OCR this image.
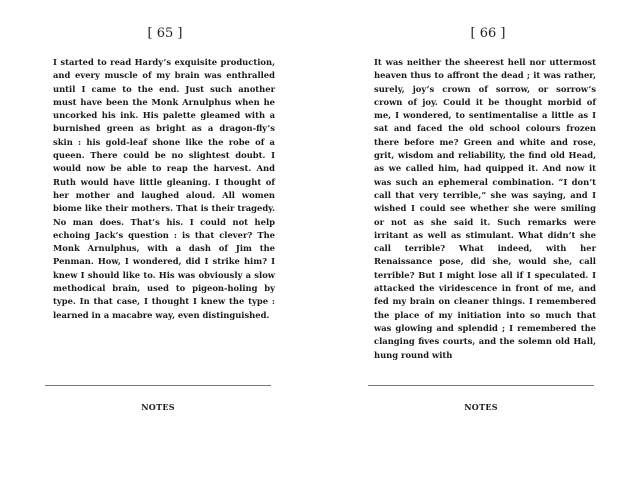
[ 65 ]

I started to read Hardy’s exquisite production, and every muscle of my brain was enthralled until I came to the end. Just such another must have been the Monk Arnulphus when he uncorked his ink. His palette gleamed with a burnished green as bright as a dragon-fly’s skin : his gold-leaf shone like the robe of a queen. There could be no slightest doubt. I would now be able to reap the harvest. And Ruth would have little gleaning. I thought of her mother and laughed aloud. All women biome like their mothers. That is their tragedy. No man does. That’s his. I could not help echoing Jack’s question : is that clever? The Monk Arnulphus, with a dash of Jim the Penman. How, I wondered, did I strike him? I knew I should like to. His was obviously a slow methodical brain, used to pigeon-holing by type. In that case, I thought I knew the type : learned in a macabre way, even distinguished.

NOTES
[ 66 ]

It was neither the sheerest hell nor uttermost heaven thus to affront the dead ; it was rather, surely, joy’s crown of sorrow, or sorrow’s crown of joy. Could it be thought morbid of me, I wondered, to sentimentalise a little as I sat and faced the old school colours frozen there before me? Green and white and rose, grit, wisdom and reliability, the find old Head, as we called him, had quipped it. And now it was such an ephemeral combination. “I don’t call that very terrible,” she was saying, and I wished I could see whether she were smiling or not as she said it. Such remarks were irritant as well as stimulant. What didn’t she call terrible? What indeed, with her Renaissance pose, did she, would she, call terrible? But I might lose all if I speculated. I attacked the viridescence in front of me, and fed my brain on cleaner things. I remembered the place of my initiation into so much that was glowing and splendid ; I remembered the clanging fives courts, and the solemn old Hall, hung round with

NOTES
